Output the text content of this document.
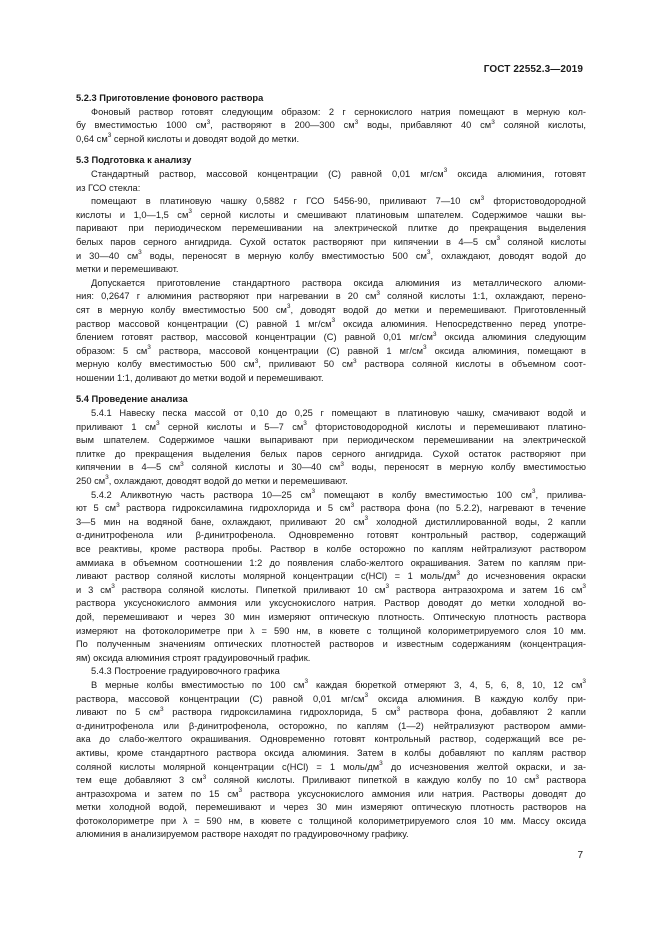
ГОСТ 22552.3—2019
5.2.3 Приготовление фонового раствора
Фоновый раствор готовят следующим образом: 2 г сернокислого натрия помещают в мерную кол-
бу вместимостью 1000 $см^3$, растворяют в 200—300 $см^3$ воды, прибавляют 40 $см^3$ соляной кислоты,
0,64 $см^3$ серной кислоты и доводят водой до метки.
5.3 Подготовка к анализу
Стандартный раствор, массовой концентрации (С) равной 0,01 $мг/см^3$ оксида алюминия, готовят
из ГСО стекла:
помещают в платиновую чашку 0,5882 г ГСО 5456-90, приливают 7—10 $см^3$ фтористоводородной
кислоты и 1,0—1,5 $см^3$ серной кислоты и смешивают платиновым шпателем. Содержимое чашки вы-
паривают при периодическом перемешивании на электрической плитке до прекращения выделения
белых паров серного ангидрида. Сухой остаток растворяют при кипячении в 4—5 $см^3$ соляной кислоты
и 30—40 $см^3$ воды, переносят в мерную колбу вместимостью 500 $см^3$, охлаждают, доводят водой до
метки и перемешивают.
Допускается приготовление стандартного раствора оксида алюминия из металлического алюми-
ния: 0,2647 г алюминия растворяют при нагревании в 20 $см^3$ соляной кислоты 1:1, охлаждают, перено-
сят в мерную колбу вместимостью 500 $см^3$, доводят водой до метки и перемешивают. Приготовленный
раствор массовой концентрации (С) равной 1 $мг/см^3$ оксида алюминия. Непосредственно перед употре-
блением готовят раствор, массовой концентрации (С) равной 0,01 $мг/см^3$ оксида алюминия следующим
образом: 5 $см^3$ раствора, массовой концентрации (С) равной 1 $мг/см^3$ оксида алюминия, помещают в
мерную колбу вместимостью 500 $см^3$, приливают 50 $см^3$ раствора соляной кислоты в объемном соот-
ношении 1:1, доливают до метки водой и перемешивают.
5.4 Проведение анализа
5.4.1 Навеску песка массой от 0,10 до 0,25 г помещают в платиновую чашку, смачивают водой и
приливают 1 $см^3$ серной кислоты и 5—7 $см^3$ фтористоводородной кислоты и перемешивают платино-
вым шпателем. Содержимое чашки выпаривают при периодическом перемешивании на электрической
плитке до прекращения выделения белых паров серного ангидрида. Сухой остаток растворяют при
кипячении в 4—5 $см^3$ соляной кислоты и 30—40 $см^3$ воды, переносят в мерную колбу вместимостью
250 $см^3$, охлаждают, доводят водой до метки и перемешивают.
5.4.2 Аликвотную часть раствора 10—25 $см^3$ помещают в колбу вместимостью 100 $см^3$, прилива-
ют 5 $см^3$ раствора гидроксиламина гидрохлорида и 5 $см^3$ раствора фона (по 5.2.2), нагревают в течение
3—5 мин на водяной бане, охлаждают, приливают 20 $см^3$ холодной дистиллированной воды, 2 капли
α-динитрофенола или β-динитрофенола. Одновременно готовят контрольный раствор, содержащий
все реактивы, кроме раствора пробы. Раствор в колбе осторожно по каплям нейтрализуют раствором
аммиака в объемном соотношении 1:2 до появления слабо-желтого окрашивания. Затем по каплям при-
ливают раствор соляной кислоты молярной концентрации с(HCl) = 1 моль/$дм^3$ до исчезновения окраски
и 3 $см^3$ раствора соляной кислоты. Пипеткой приливают 10 $см^3$ раствора антразохрома и затем 16 $см^3$
раствора уксуснокислого аммония или уксуснокислого натрия. Раствор доводят до метки холодной во-
дой, перемешивают и через 30 мин измеряют оптическую плотность. Оптическую плотность раствора
измеряют на фотоколориметре при λ = 590 нм, в кювете с толщиной колориметрируемого слоя 10 мм.
По полученным значениям оптических плотностей растворов и известным содержаниям (концентрация-
ям) оксида алюминия строят градуировочный график.
5.4.3 Построение градуировочного графика
В мерные колбы вместимостью по 100 $см^3$ каждая бюреткой отмеряют 3, 4, 5, 6, 8, 10, 12 $см^3$
раствора, массовой концентрации (С) равной 0,01 $мг/см^3$ оксида алюминия. В каждую колбу при-
ливают по 5 $см^3$ раствора гидроксиламина гидрохлорида, 5 $см^3$ раствора фона, добавляют 2 капли
α-динитрофенола или β-динитрофенола, осторожно, по каплям (1—2) нейтрализуют раствором амми-
ака до слабо-желтого окрашивания. Одновременно готовят контрольный раствор, содержащий все ре-
активы, кроме стандартного раствора оксида алюминия. Затем в колбы добавляют по каплям раствор
соляной кислоты молярной концентрации с(HCl) = 1 моль/$дм^3$ до исчезновения желтой окраски, и за-
тем еще добавляют 3 $см^3$ соляной кислоты. Приливают пипеткой в каждую колбу по 10 $см^3$ раствора
антразохрома и затем по 15 $см^3$ раствора уксуснокислого аммония или натрия. Растворы доводят до
метки холодной водой, перемешивают и через 30 мин измеряют оптическую плотность растворов на
фотоколориметре при λ = 590 нм, в кювете с толщиной колориметрируемого слоя 10 мм. Массу оксида
алюминия в анализируемом растворе находят по градуировочному графику.
7
